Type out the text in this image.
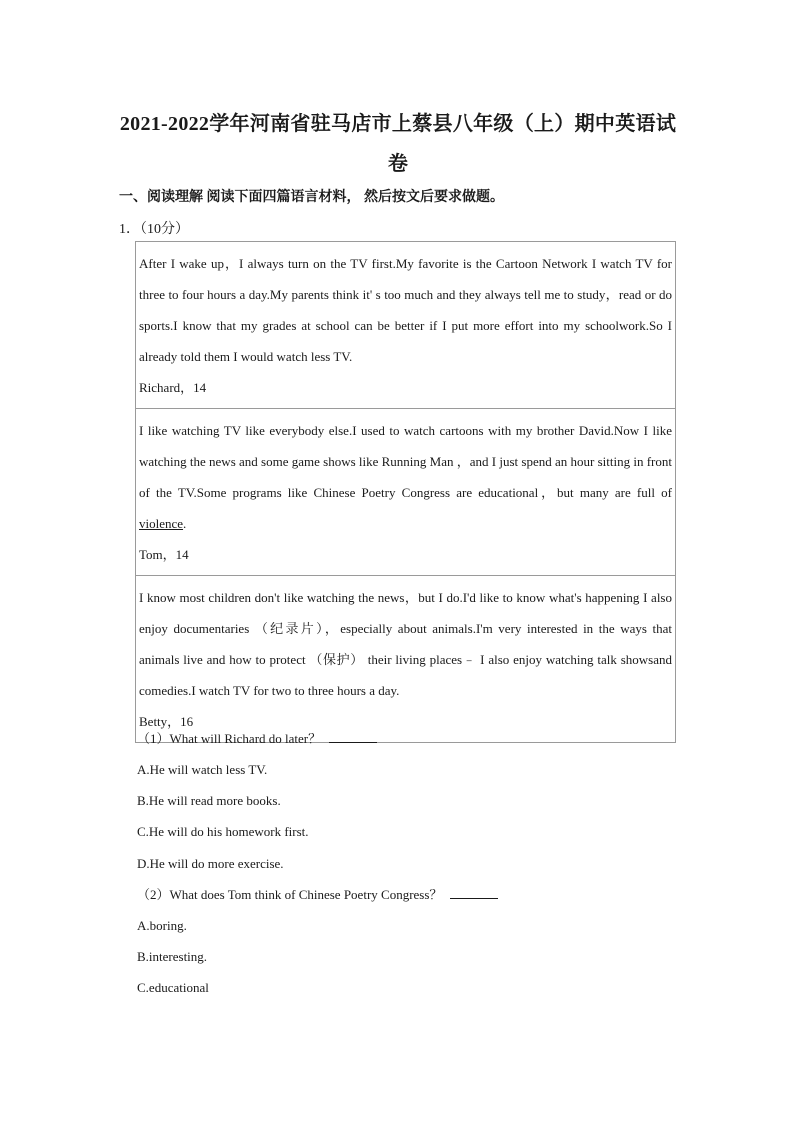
2021-2022学年河南省驻马店市上蔡县八年级（上）期中英语试卷
一、阅读理解 阅读下面四篇语言材料， 然后按文后要求做题。
1．（10分）
After I wake up，I always turn on the TV first.My favorite is the Cartoon Network I watch TV for three to four hours a day.My parents think it' s too much and they always tell me to study，read or do sports.I know that my grades at school can be better if I put more effort into my schoolwork.So I already told them I would watch less TV.
Richard，14
I like watching TV like everybody else.I used to watch cartoons with my brother David.Now I like watching the news and some game shows like Running Man ，and I just spend an hour sitting in front of the TV.Some programs like Chinese Poetry Congress are educational，but many are full of violence.
Tom，14
I know most children don't like watching the news，but I do.I'd like to know what's happening I also enjoy documentaries （纪录片），especially about animals.I'm very interested in the ways that animals live and how to protect （保护） their living places﹣ I also enjoy watching talk showsand comedies.I watch TV for two to three hours a day.
Betty，16
（1）What will Richard do later？
A.He will watch less TV.
B.He will read more books.
C.He will do his homework first.
D.He will do more exercise.
（2）What does Tom think of Chinese Poetry Congress？
A.boring.
B.interesting.
C.educational
